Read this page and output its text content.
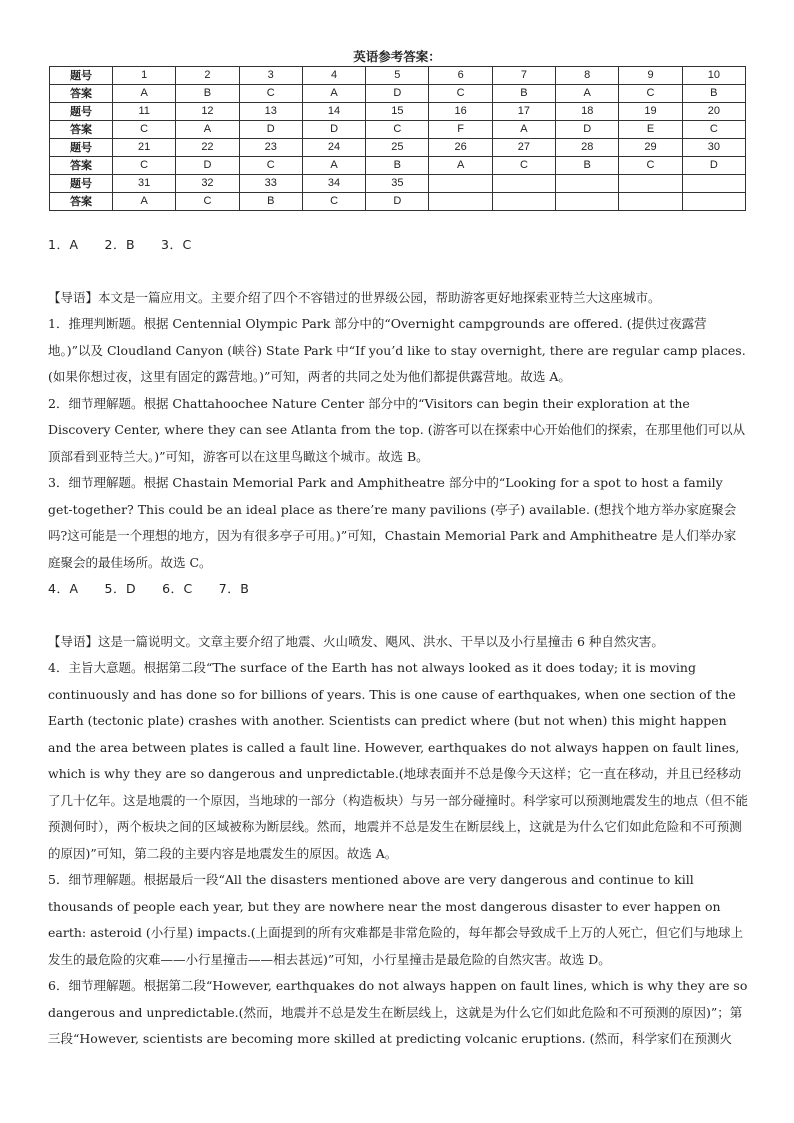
英语参考答案：
题号	1	2	3	4	5	6	7	8	9	10
答案	A	B	C	A	D	C	B	A	C	B
题号	11	12	13	14	15	16	17	18	19	20
答案	C	A	D	D	C	F	A	D	E	C
题号	21	22	23	24	25	26	27	28	29	30
答案	C	D	C	A	B	A	C	B	C	D
题号	31	32	33	34	35					
答案	A	C	B	C	D					

1．A　　2．B　　3．C

【导语】本文是一篇应用文。主要介绍了四个不容错过的世界级公园，帮助游客更好地探索亚特兰大这座城市。

1．推理判断题。根据 Centennial Olympic Park 部分中的“Overnight campgrounds are offered. (提供过夜露营地。)”以及 Cloudland Canyon (峡谷) State Park 中“If you’d like to stay overnight, there are regular camp places. (如果你想过夜，这里有固定的露营地。)”可知，两者的共同之处为他们都提供露营地。故选 A。

2．细节理解题。根据 Chattahoochee Nature Center 部分中的“Visitors can begin their exploration at the Discovery Center, where they can see Atlanta from the top. (游客可以在探索中心开始他们的探索，在那里他们可以从顶部看到亚特兰大。)”可知，游客可以在这里鸟瞰这个城市。故选 B。

3．细节理解题。根据 Chastain Memorial Park and Amphitheatre 部分中的“Looking for a spot to host a family get-together? This could be an ideal place as there’re many pavilions (亭子) available. (想找个地方举办家庭聚会吗?这可能是一个理想的地方，因为有很多亭子可用。)”可知，Chastain Memorial Park and Amphitheatre 是人们举办家庭聚会的最佳场所。故选 C。

4．A　　5．D　　6．C　　7．B

【导语】这是一篇说明文。文章主要介绍了地震、火山喷发、飓风、洪水、干旱以及小行星撞击 6 种自然灾害。

4．主旨大意题。根据第二段“The surface of the Earth has not always looked as it does today; it is moving continuously and has done so for billions of years. This is one cause of earthquakes, when one section of the Earth (tectonic plate) crashes with another. Scientists can predict where (but not when) this might happen and the area between plates is called a fault line. However, earthquakes do not always happen on fault lines, which is why they are so dangerous and unpredictable.(地球表面并不总是像今天这样；它一直在移动，并且已经移动了几十亿年。这是地震的一个原因，当地球的一部分（构造板块）与另一部分碰撞时。科学家可以预测地震发生的地点（但不能预测何时），两个板块之间的区域被称为断层线。然而，地震并不总是发生在断层线上，这就是为什么它们如此危险和不可预测的原因)”可知，第二段的主要内容是地震发生的原因。故选 A。

5．细节理解题。根据最后一段“All the disasters mentioned above are very dangerous and continue to kill thousands of people each year, but they are nowhere near the most dangerous disaster to ever happen on earth: asteroid (小行星) impacts.(上面提到的所有灾难都是非常危险的，每年都会导致成千上万的人死亡，但它们与地球上发生的最危险的灾难——小行星撞击——相去甚远)”可知，小行星撞击是最危险的自然灾害。故选 D。

6．细节理解题。根据第二段“However, earthquakes do not always happen on fault lines, which is why they are so dangerous and unpredictable.(然而，地震并不总是发生在断层线上，这就是为什么它们如此危险和不可预测的原因)”；第三段“However, scientists are becoming more skilled at predicting volcanic eruptions. (然而，科学家们在预测火
